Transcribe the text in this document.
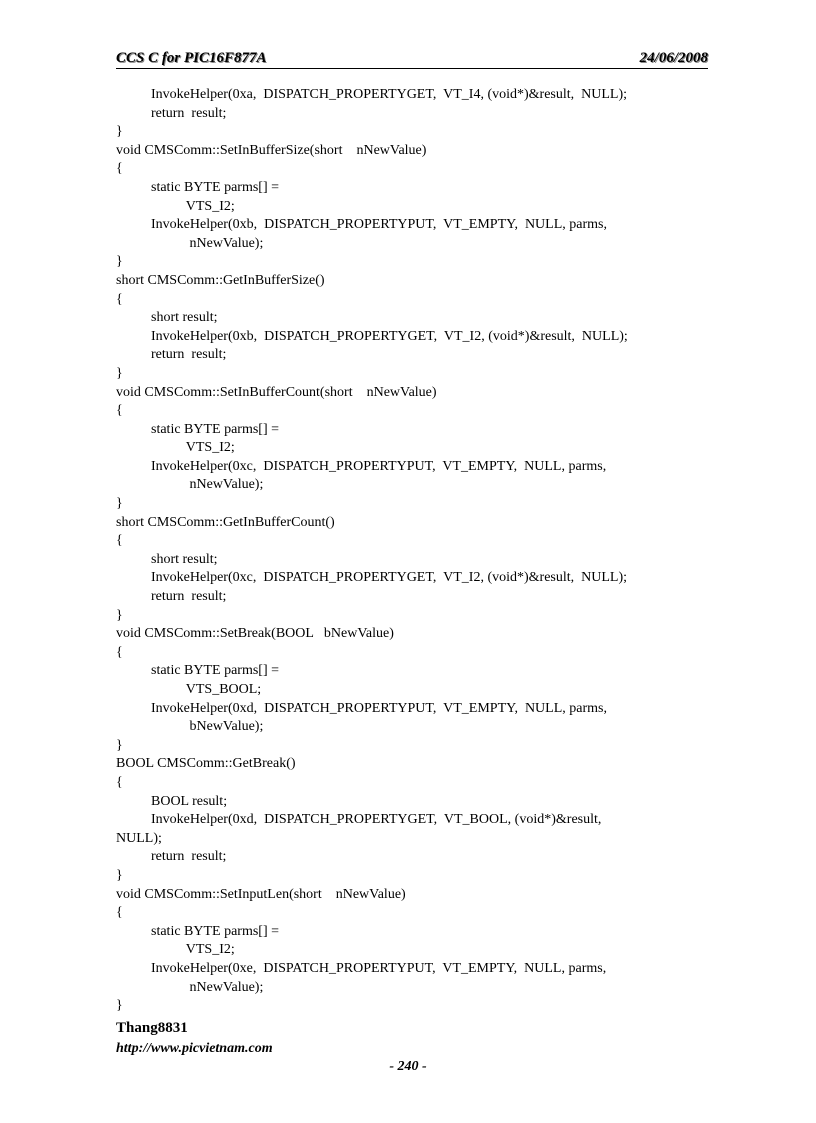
CCS C for PIC16F877A	24/06/2008
InvokeHelper(0xa,  DISPATCH_PROPERTYGET,  VT_I4, (void*)&result,  NULL);
return  result;
}
void CMSComm::SetInBufferSize(short    nNewValue)
{
static BYTE parms[] =
VTS_I2;
InvokeHelper(0xb,  DISPATCH_PROPERTYPUT,  VT_EMPTY,  NULL, parms,
nNewValue);
}
short CMSComm::GetInBufferSize()
{
short result;
InvokeHelper(0xb,  DISPATCH_PROPERTYGET,  VT_I2, (void*)&result,  NULL);
return  result;
}
void CMSComm::SetInBufferCount(short    nNewValue)
{
static BYTE parms[] =
VTS_I2;
InvokeHelper(0xc,  DISPATCH_PROPERTYPUT,  VT_EMPTY,  NULL, parms,
nNewValue);
}
short CMSComm::GetInBufferCount()
{
short result;
InvokeHelper(0xc,  DISPATCH_PROPERTYGET,  VT_I2, (void*)&result,  NULL);
return  result;
}
void CMSComm::SetBreak(BOOL   bNewValue)
{
static BYTE parms[] =
VTS_BOOL;
InvokeHelper(0xd,  DISPATCH_PROPERTYPUT,  VT_EMPTY,  NULL, parms,
bNewValue);
}
BOOL CMSComm::GetBreak()
{
BOOL result;
InvokeHelper(0xd,  DISPATCH_PROPERTYGET,  VT_BOOL, (void*)&result,
NULL);
return  result;
}
void CMSComm::SetInputLen(short    nNewValue)
{
static BYTE parms[] =
VTS_I2;
InvokeHelper(0xe,  DISPATCH_PROPERTYPUT,  VT_EMPTY,  NULL, parms,
nNewValue);
}
Thang8831
http://www.picvietnam.com
- 240 -
